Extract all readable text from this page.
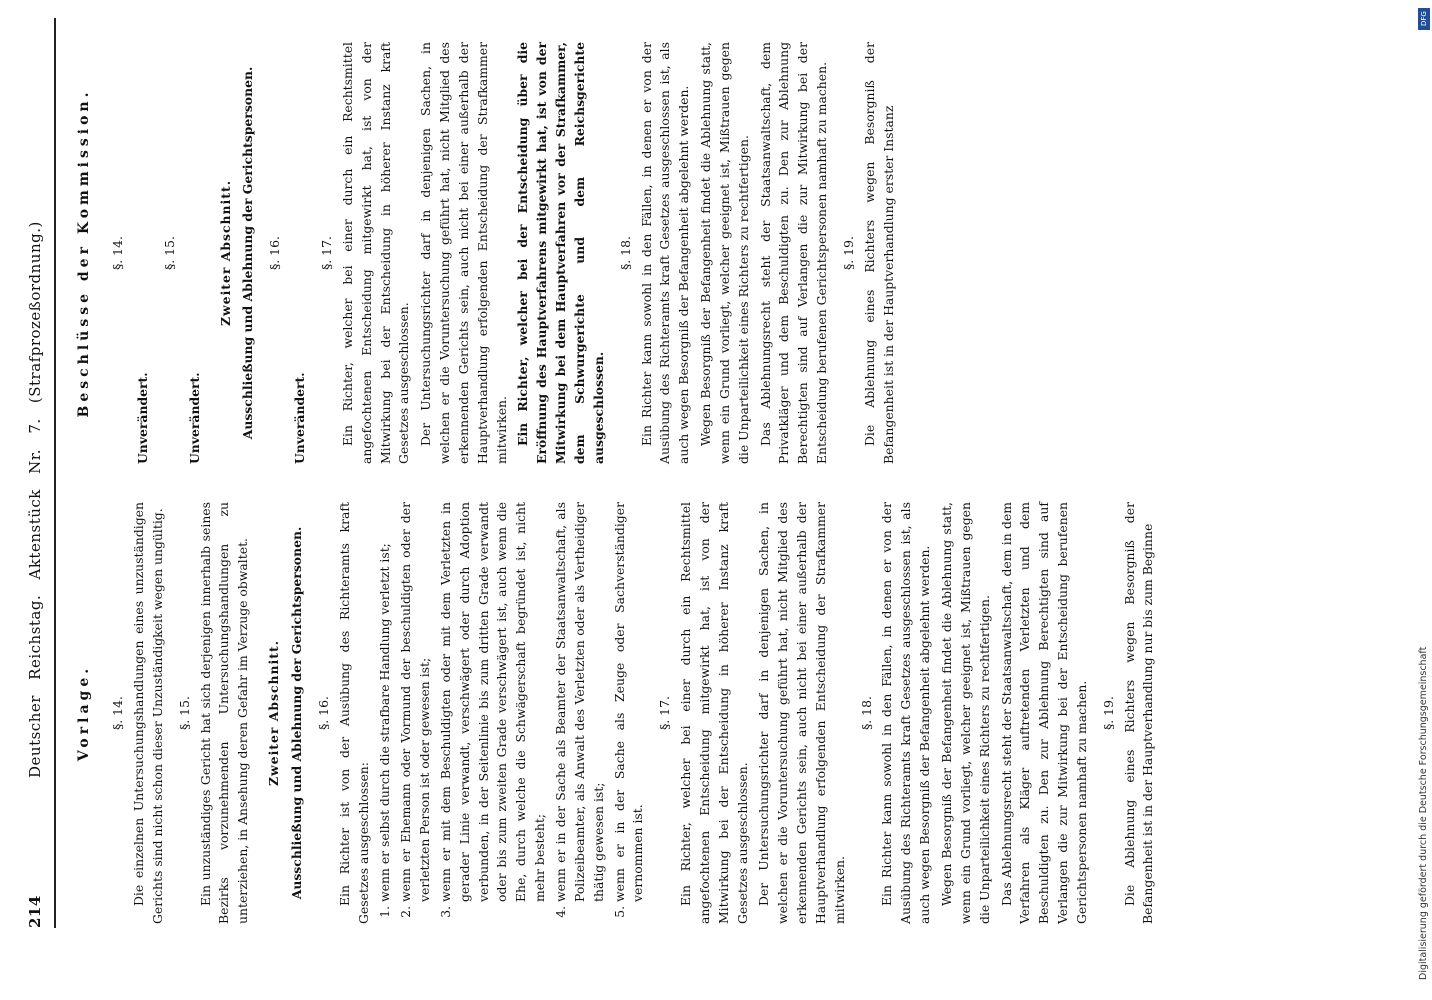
214
Deutscher Reichstag. Aktenstück Nr. 7. (Strafprozeßordnung.) Vorlage. §. 14. Die einzelnen Untersuchungshandlungen eines unzuständigen Gerichts sind nicht schon dieser Unzuständigkeit wegen ungültig. §. 15. Ein unzuständiges Gericht hat sich derjenigen innerhalb seines Bezirks vorzunehmenden Untersuchungshandlungen zu unterziehen, in Ansehung deren Gefahr im Verzuge obwaltet. Zweiter Abschnitt. Ausschließung und Ablehnung der Gerichtspersonen. §. 16. Ein Richter ist von der Ausübung des Richteramts kraft Gesetzes ausgeschlossen: 1. wenn er selbst durch die strafbare Handlung verletzt ist; 2. wenn er Ehemann oder Vormund der beschuldigten oder der verletzten Person ist oder gewesen ist; 3. wenn er mit dem Beschuldigten oder mit dem Verletzten in gerader Linie verwandt, verschwägert oder durch Adoption verbunden, in der Seitenlinie bis zum dritten Grade verwandt oder bis zum zweiten Grade verschwägert ist, auch wenn die Ehe, durch welche die Schwägerschaft begründet ist, nicht mehr besteht; 4. wenn er in der Sache als Beamter der Staatsanwaltschaft, als Polizeibeamter, als Anwalt des Verletzten oder als Vertheidiger thätig gewesen ist; 5. wenn er in der Sache als Zeuge oder Sachverständiger vernommen ist.
§. 17. Ein Richter, welcher bei einer durch ein Rechtsmittel angefochtenen Entscheidung mitgewirkt hat, ist von der Mitwirkung bei der Entscheidung in höherer Instanz kraft Gesetzes ausgeschlossen. Der Untersuchungsrichter darf in denjenigen Sachen, in welchen er die Voruntersuchung geführt hat, nicht Mitglied des erkennenden Gerichts sein, auch nicht bei einer außerhalb der Hauptverhandlung erfolgenden Entscheidung der Strafkammer mitwirken.

§. 18. Ein Richter kann sowohl in den Fällen, in denen er von der Ausübung des Richteramts kraft Gesetzes ausgeschlossen ist, als auch wegen Besorgniß der Befangenheit abgelehnt werden. Wegen Besorgniß der Befangenheit findet die Ablehnung statt, wenn ein Grund vorliegt, welcher geeignet ist, Mißtrauen gegen die Unparteilichkeit eines Richters zu rechtfertigen. Das Ablehnungsrecht steht der Staatsanwaltschaft, dem in dem Verfahren als Kläger auftretenden Verletzten und dem Beschuldigten zu. Den zur Ablehnung Berechtigten sind auf Verlangen die zur Mitwirkung bei der Entscheidung berufenen Gerichtspersonen namhaft zu machen. §. 19. Die Ablehnung eines Richters wegen Besorgniß der Befangenheit ist in der Hauptverhandlung nur bis zum Beginne

Beschlüsse der Kommission. §. 14.
Unverändert.
§. 15.
Unverändert.
Zweiter Abschnitt. Ausschließung und Ablehnung der Gerichtspersonen. §. 16.
Unverändert.
§. 17. Ein Richter, welcher bei einer durch ein Rechtsmittel angefochtenen Entscheidung mitgewirkt hat, ist von der Mitwirkung bei der Entscheidung in höherer Instanz kraft Gesetzes ausgeschlossen. Der Untersuchungsrichter darf in denjenigen Sachen, in welchen er die Voruntersuchung geführt hat, nicht Mitglied des erkennenden Gerichts sein, auch nicht bei einer außerhalb der Hauptverhandlung erfolgenden Entscheidung der Strafkammer mitwirken. Ein Richter, welcher bei der Entscheidung über die Eröffnung des Hauptverfahrens mitgewirkt hat, ist von der Mitwirkung bei dem Hauptverfahren vor der Strafkammer, dem Schwurgerichte und dem Reichsgerichte ausgeschlossen.

§. 18. Ein Richter kann sowohl in den Fällen, in denen er von der Ausübung des Richteramts kraft Gesetzes ausgeschlossen ist, als auch wegen Besorgniß der Befangenheit abgelehnt werden. Wegen Besorgniß der Befangenheit findet die Ablehnung statt, wenn ein Grund vorliegt, welcher geeignet ist, Mißtrauen gegen die Unparteilichkeit eines Richters zu rechtfertigen. Das Ablehnungsrecht steht der Staatsanwaltschaft, dem Privatkläger und dem Beschuldigten zu. Den zur Ablehnung Berechtigten sind auf Verlangen die zur Mitwirkung bei der Entscheidung berufenen Gerichtspersonen namhaft zu machen. §. 19. Die Ablehnung eines Richters wegen Besorgniß der Befangenheit ist in der Hauptverhandlung erster Instanz

Digitalisierung gefördert durch die Deutsche Forschungsgemeinschaft
DFG
